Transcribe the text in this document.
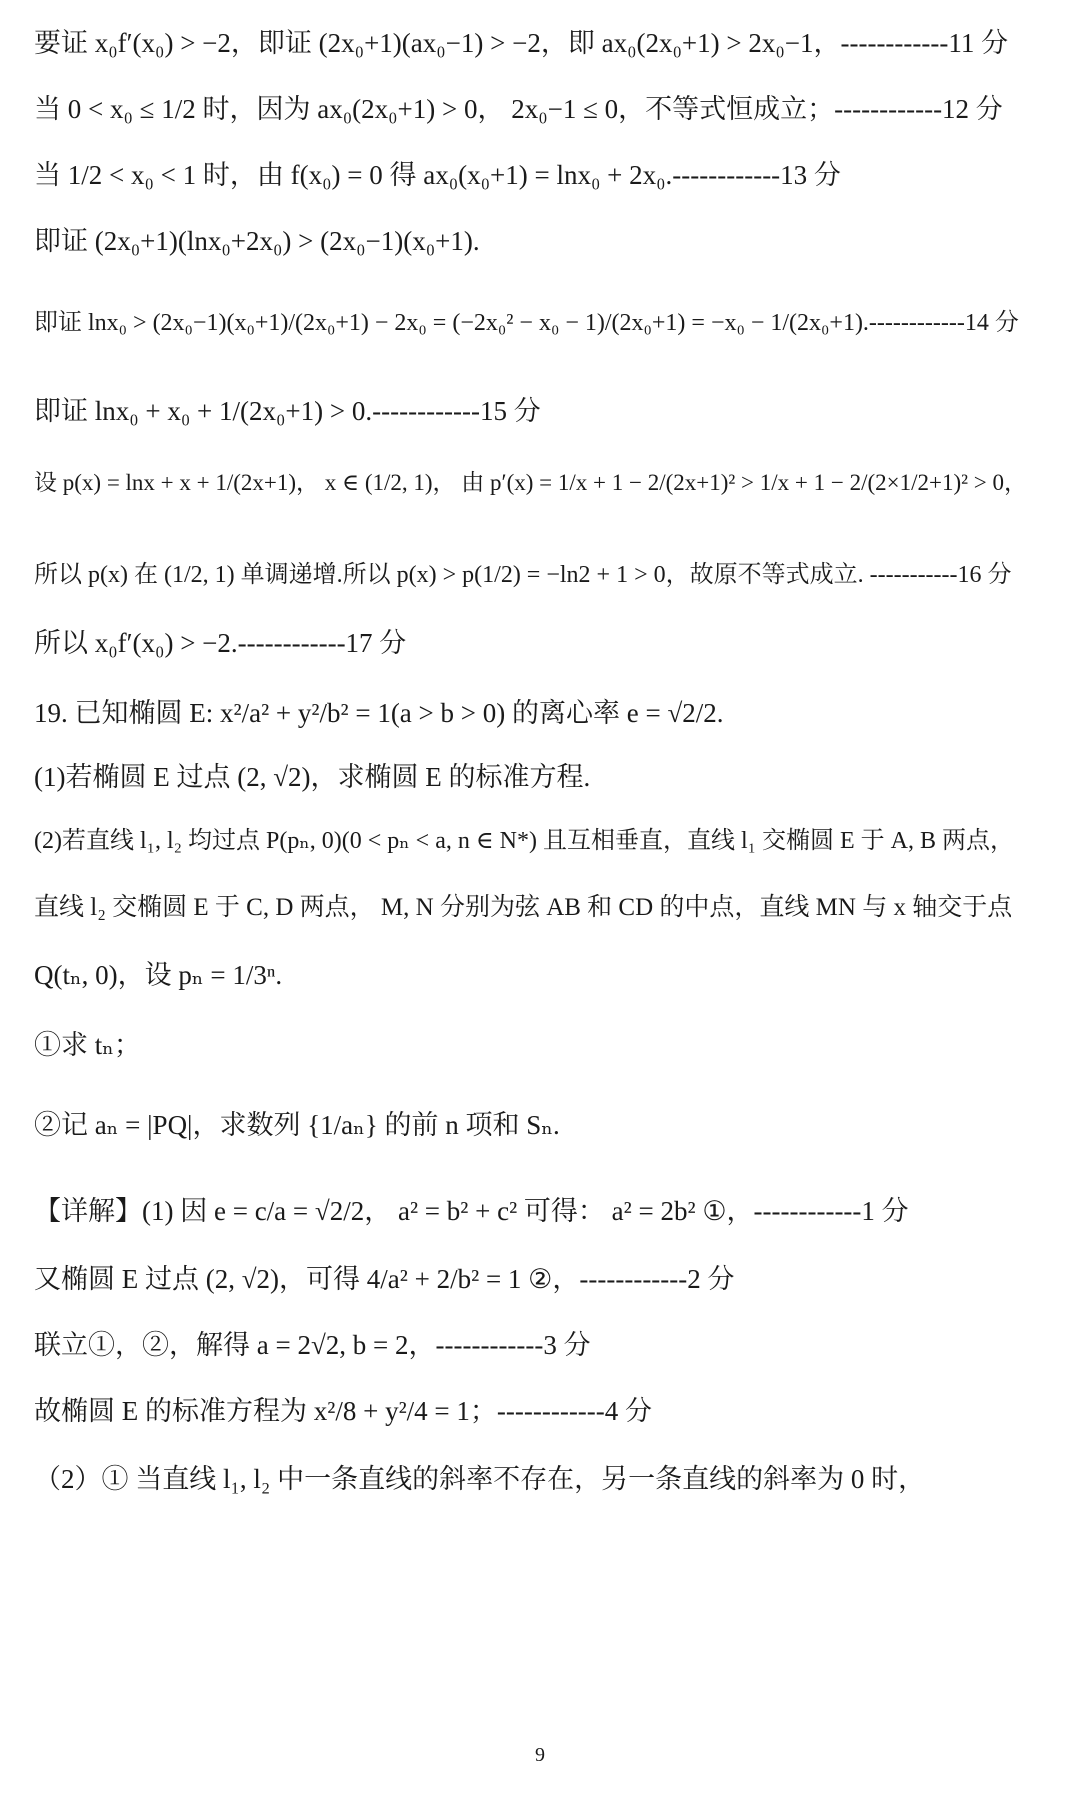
要证 x₀f′(x₀) > −2，即证 (2x₀+1)(ax₀−1) > −2，即 ax₀(2x₀+1) > 2x₀−1，------------11 分
当 0 < x₀ ≤ 1/2 时，因为 ax₀(2x₀+1) > 0， 2x₀−1 ≤ 0，不等式恒成立；------------12 分
当 1/2 < x₀ < 1 时，由 f(x₀) = 0 得 ax₀(x₀+1) = lnx₀ + 2x₀.------------13 分
即证 (2x₀+1)(lnx₀+2x₀) > (2x₀−1)(x₀+1).
即证 lnx₀ > (2x₀−1)(x₀+1)/(2x₀+1) − 2x₀ = (−2x₀² − x₀ − 1)/(2x₀+1) = −x₀ − 1/(2x₀+1).------------14 分
即证 lnx₀ + x₀ + 1/(2x₀+1) > 0.------------15 分
设 p(x) = lnx + x + 1/(2x+1)， x ∈ (1/2, 1)， 由 p′(x) = 1/x + 1 − 2/(2x+1)² > 1/x + 1 − 2/(2×1/2+1)² > 0，
所以 p(x) 在 (1/2, 1) 单调递增.所以 p(x) > p(1/2) = −ln2 + 1 > 0，故原不等式成立. -----------16 分
所以 x₀f′(x₀) > −2.------------17 分
19. 已知椭圆 E: x²/a² + y²/b² = 1(a > b > 0) 的离心率 e = √2/2.
(1)若椭圆 E 过点 (2, √2)，求椭圆 E 的标准方程.
(2)若直线 l₁, l₂ 均过点 P(pₙ, 0)(0 < pₙ < a, n ∈ N*) 且互相垂直，直线 l₁ 交椭圆 E 于 A, B 两点，
直线 l₂ 交椭圆 E 于 C, D 两点， M, N 分别为弦 AB 和 CD 的中点，直线 MN 与 x 轴交于点
Q(tₙ, 0)，设 pₙ = 1/3ⁿ.
①求 tₙ；
②记 aₙ = |PQ|，求数列 {1/aₙ} 的前 n 项和 Sₙ.
【详解】(1) 因 e = c/a = √2/2， a² = b² + c² 可得： a² = 2b² ①，------------1 分
又椭圆 E 过点 (2, √2)，可得 4/a² + 2/b² = 1 ②，------------2 分
联立①，②，解得 a = 2√2, b = 2，------------3 分
故椭圆 E 的标准方程为 x²/8 + y²/4 = 1；------------4 分
（2）① 当直线 l₁, l₂ 中一条直线的斜率不存在，另一条直线的斜率为 0 时，
9
